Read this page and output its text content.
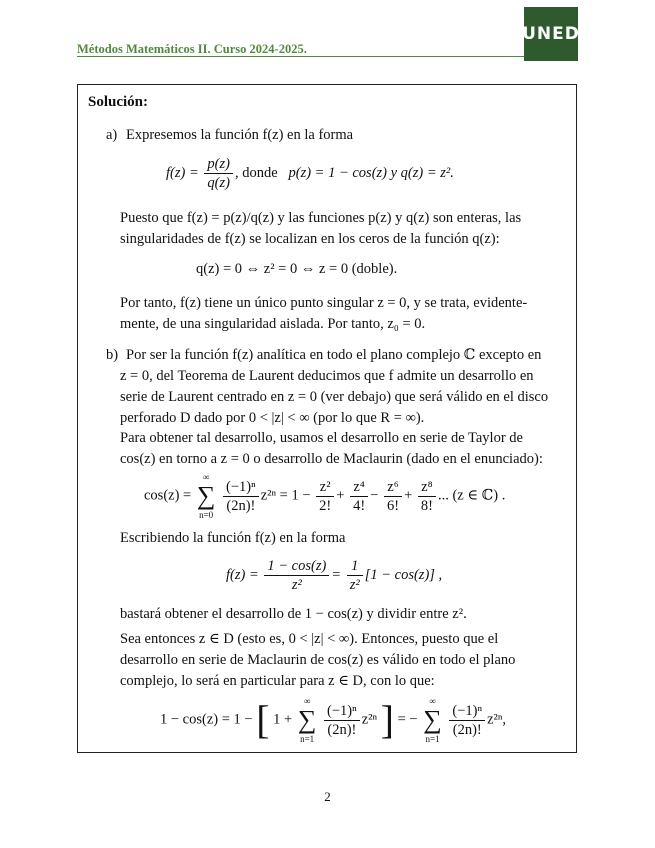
Métodos Matemáticos II. Curso 2024-2025.
UNED
Solución:
a) Expresemos la función f(z) en la forma
$f(z) = \frac{p(z)}{q(z)}$ , donde p(z) = 1 − cos(z) y q(z) = z².
Puesto que f(z) = p(z)/q(z) y las funciones p(z) y q(z) son enteras, las
singularidades de f(z) se localizan en los ceros de la función q(z):
q(z) = 0 ⇔ z² = 0 ⇔ z = 0 (doble).
Por tanto, f(z) tiene un único punto singular z = 0, y se trata, evidente-
mente, de una singularidad aislada. Por tanto, z₀ = 0.
b) Por ser la función f(z) analítica en todo el plano complejo ℂ excepto en
z = 0, del Teorema de Laurent deducimos que f admite un desarrollo en
serie de Laurent centrado en z = 0 (ver debajo) que será válido en el disco
perforado D dado por 0 < |z| < ∞ (por lo que R = ∞).
Para obtener tal desarrollo, usamos el desarrollo en serie de Taylor de
cos(z) en torno a z = 0 o desarrollo de Maclaurin (dado en el enunciado):
cos(z) =
∞
∑
n=0

$\frac{\text{(−1)ⁿ}}{(2n)!} z^{2n} = 1 - \frac{\text{z²}}{2!} + \frac{\text{z⁴}}{4!} - \frac{\text{z⁶}}{6!} + \frac{\text{z⁸}}{8!}$ ... (z ∈ ℂ) .
Escribiendo la función f(z) en la forma
$f(z) = \frac{1 - \cos(z)}{\text{z²}} = \frac{1}{\text{z²}} [1 - \cos(z)]$ ,
bastará obtener el desarrollo de 1 − cos(z) y dividir entre z².
Sea entonces z ∈ D (esto es, 0 < |z| < ∞). Entonces, puesto que el
desarrollo en serie de Maclaurin de cos(z) es válido en todo el plano
complejo, lo será en particular para z ∈ D, con lo que:
1 − cos(z) = 1 − [ 1 +
∞
∑
n=1

$\frac{\text{(−1)ⁿ}}{(2n)!} z^{2n}$ ] = −
∞
∑
n=1

$\frac{\text{(−1)ⁿ}}{(2n)!} z^{2n}$,
2
